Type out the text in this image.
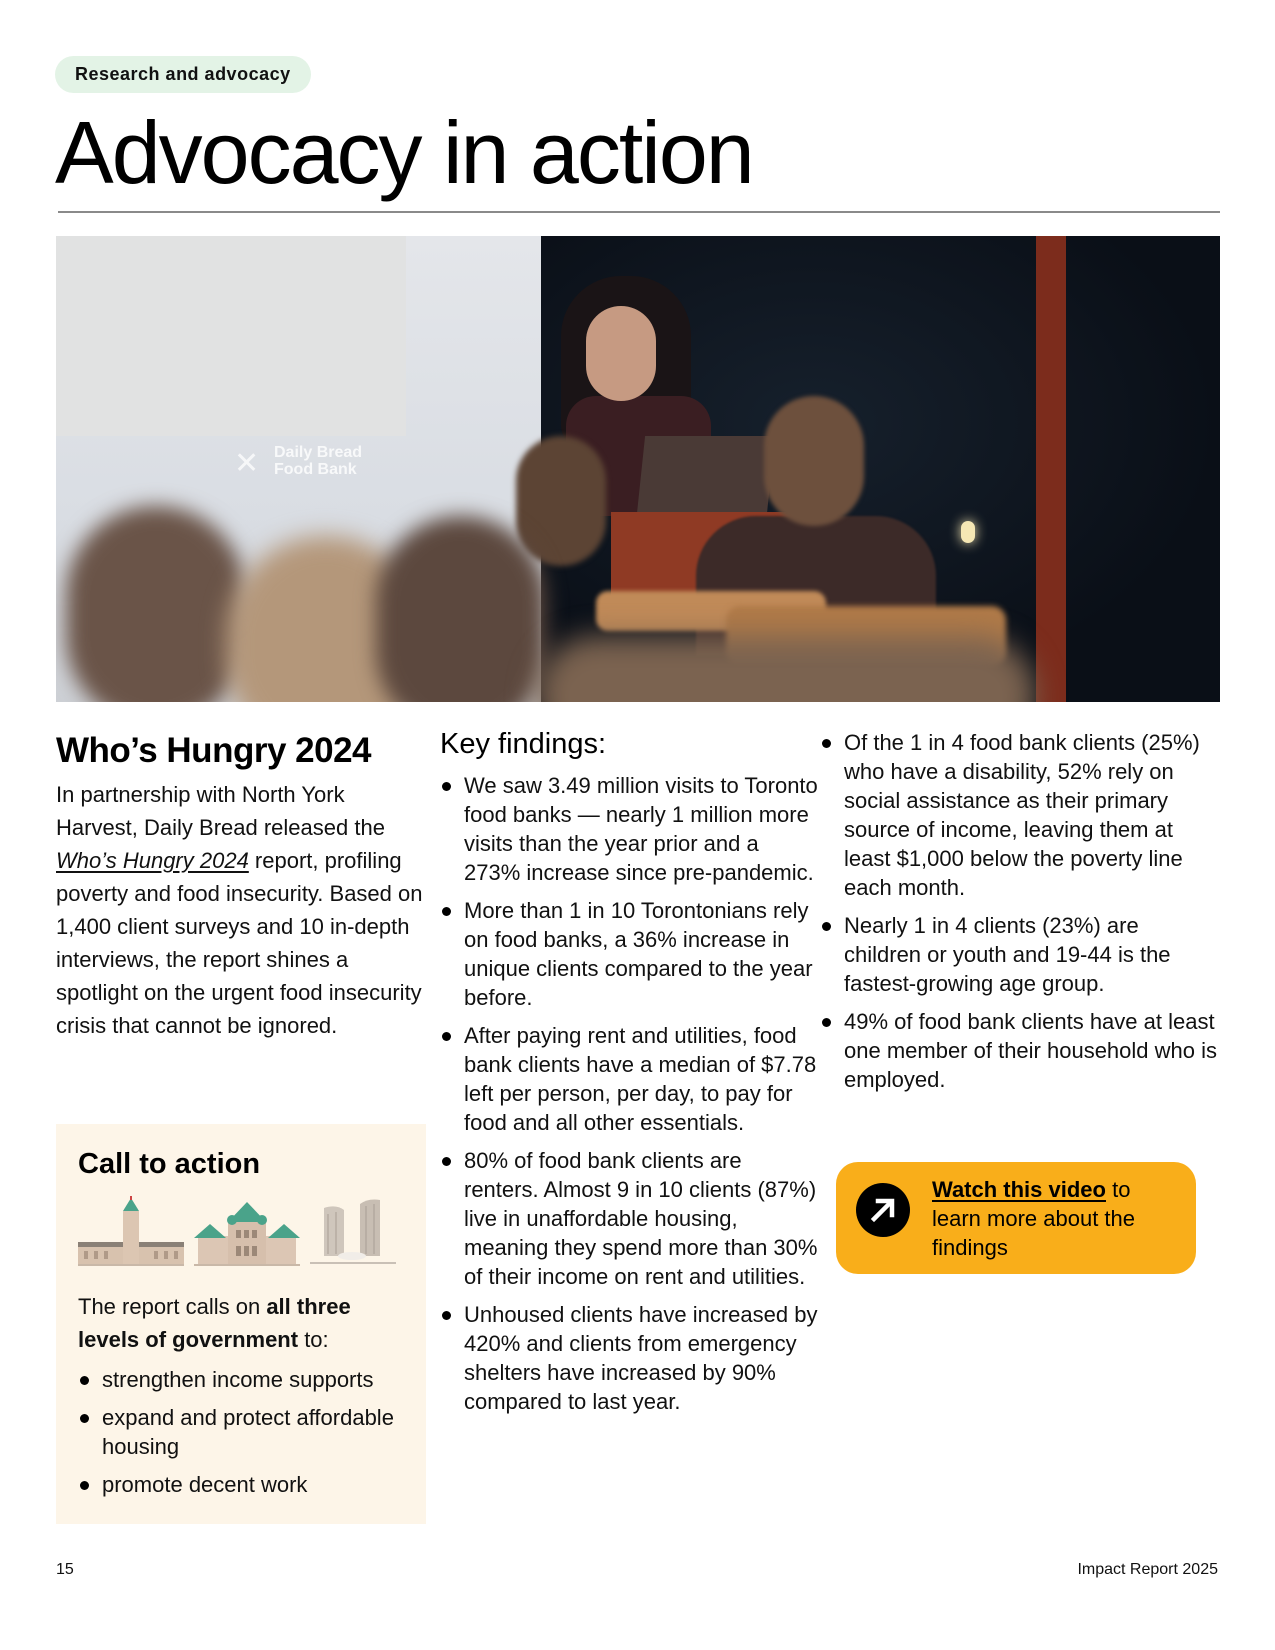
Research and advocacy
Advocacy in action
✕ Daily Bread
Food Bank
Who’s Hungry 2024

In partnership with North York Harvest, Daily Bread released the Who’s Hungry 2024 report, profiling poverty and food insecurity. Based on 1,400 client surveys and 10 in-depth interviews, the report shines a spotlight on the urgent food insecurity crisis that cannot be ignored.

Call to action

The report calls on all three levels of government to:

strengthen income supports
expand and protect affordable housing
promote decent work
Key findings:
We saw 3.49 million visits to Toronto food banks — nearly 1 million more visits than the year prior and a 273% increase since pre-pandemic.
More than 1 in 10 Torontonians rely on food banks, a 36% increase in unique clients compared to the year before.
After paying rent and utilities, food bank clients have a median of $7.78 left per person, per day, to pay for food and all other essentials.
80% of food bank clients are renters. Almost 9 in 10 clients (87%) live in unaffordable housing, meaning they spend more than 30% of their income on rent and utilities.
Unhoused clients have increased by 420% and clients from emergency shelters have increased by 90% compared to last year.
Of the 1 in 4 food bank clients (25%) who have a disability, 52% rely on social assistance as their primary source of income, leaving them at least $1,000 below the poverty line each month.
Nearly 1 in 4 clients (23%) are children or youth and 19-44 is the fastest-growing age group.
49% of food bank clients have at least one member of their household who is employed.
Watch this video to learn more about the findings
15	Impact Report 2025
